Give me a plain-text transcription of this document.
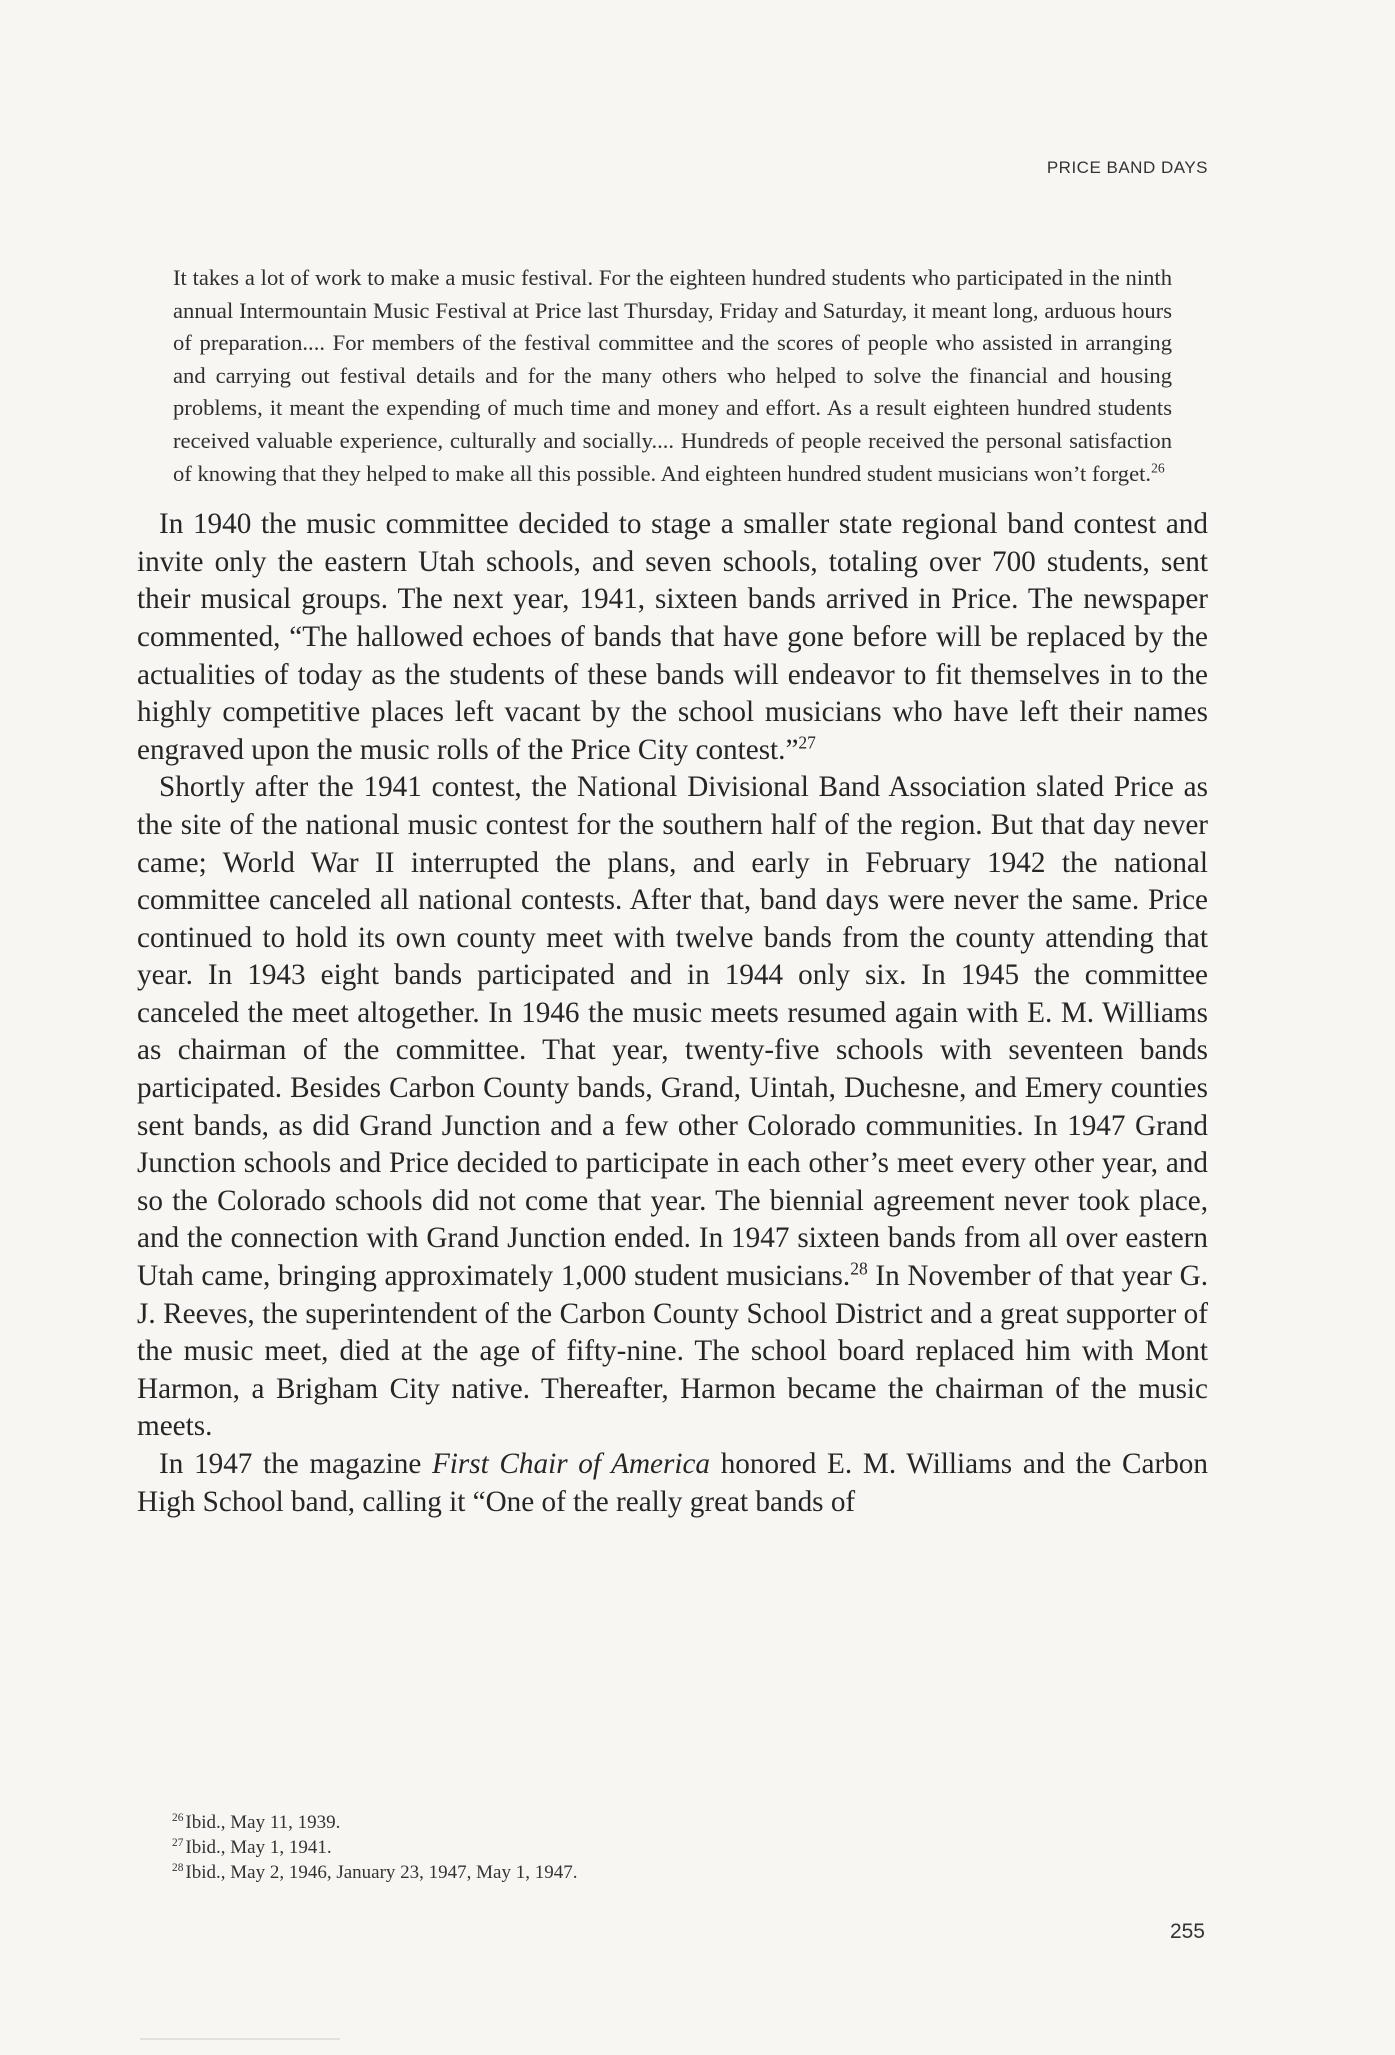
PRICE BAND DAYS

It takes a lot of work to make a music festival. For the eighteen hundred students who participated in the ninth annual Intermountain Music Festival at Price last Thursday, Friday and Saturday, it meant long, arduous hours of preparation.... For members of the festival committee and the scores of people who assisted in arranging and carrying out festival details and for the many others who helped to solve the financial and housing problems, it meant the expending of much time and money and effort. As a result eighteen hundred students received valuable experience, culturally and socially.... Hundreds of people received the personal satisfaction of knowing that they helped to make all this possible. And eighteen hundred student musicians won’t forget.$^{26}$

In 1940 the music committee decided to stage a smaller state regional band contest and invite only the eastern Utah schools, and seven schools, totaling over 700 students, sent their musical groups. The next year, 1941, sixteen bands arrived in Price. The newspaper commented, “The hallowed echoes of bands that have gone before will be replaced by the actualities of today as the students of these bands will endeavor to fit themselves in to the highly competitive places left vacant by the school musicians who have left their names engraved upon the music rolls of the Price City contest.”$^{27}$

Shortly after the 1941 contest, the National Divisional Band Association slated Price as the site of the national music contest for the southern half of the region. But that day never came; World War II interrupted the plans, and early in February 1942 the national committee canceled all national contests. After that, band days were never the same. Price continued to hold its own county meet with twelve bands from the county attending that year. In 1943 eight bands participated and in 1944 only six. In 1945 the committee canceled the meet altogether. In 1946 the music meets resumed again with E. M. Williams as chairman of the committee. That year, twenty-five schools with seventeen bands participated. Besides Carbon County bands, Grand, Uintah, Duchesne, and Emery counties sent bands, as did Grand Junction and a few other Colorado communities. In 1947 Grand Junction schools and Price decided to participate in each other’s meet every other year, and so the Colorado schools did not come that year. The biennial agreement never took place, and the connection with Grand Junction ended. In 1947 sixteen bands from all over eastern Utah came, bringing approximately 1,000 student musicians.$^{28}$ In November of that year G. J. Reeves, the superintendent of the Carbon County School District and a great supporter of the music meet, died at the age of fifty-nine. The school board replaced him with Mont Harmon, a Brigham City native. Thereafter, Harmon became the chairman of the music meets.

In 1947 the magazine First Chair of America honored E. M. Williams and the Carbon High School band, calling it “One of the really great bands of

$^{26}$ Ibid., May 11, 1939.

$^{27}$ Ibid., May 1, 1941.

$^{28}$ Ibid., May 2, 1946, January 23, 1947, May 1, 1947.

255
